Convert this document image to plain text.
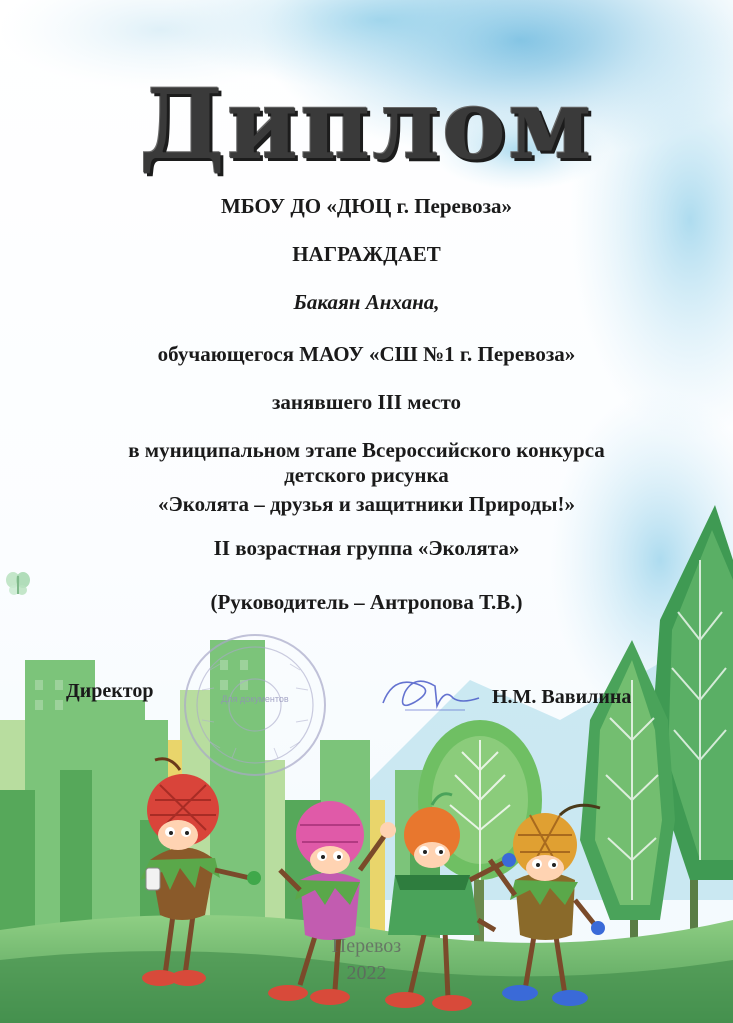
Для документов
Диплом
МБОУ ДО «ДЮЦ г. Перевоза»
НАГРАЖДАЕТ
Бакаян Анхана,
обучающегося МАОУ «СШ №1 г. Перевоза»
занявшего III место
в муниципальном этапе Всероссийского конкурса
детского рисунка
«Эколята – друзья и защитники Природы!»
II возрастная группа «Эколята»
(Руководитель – Антропова Т.В.)
Директор	Н.М. Вавилина
Перевоз
2022
